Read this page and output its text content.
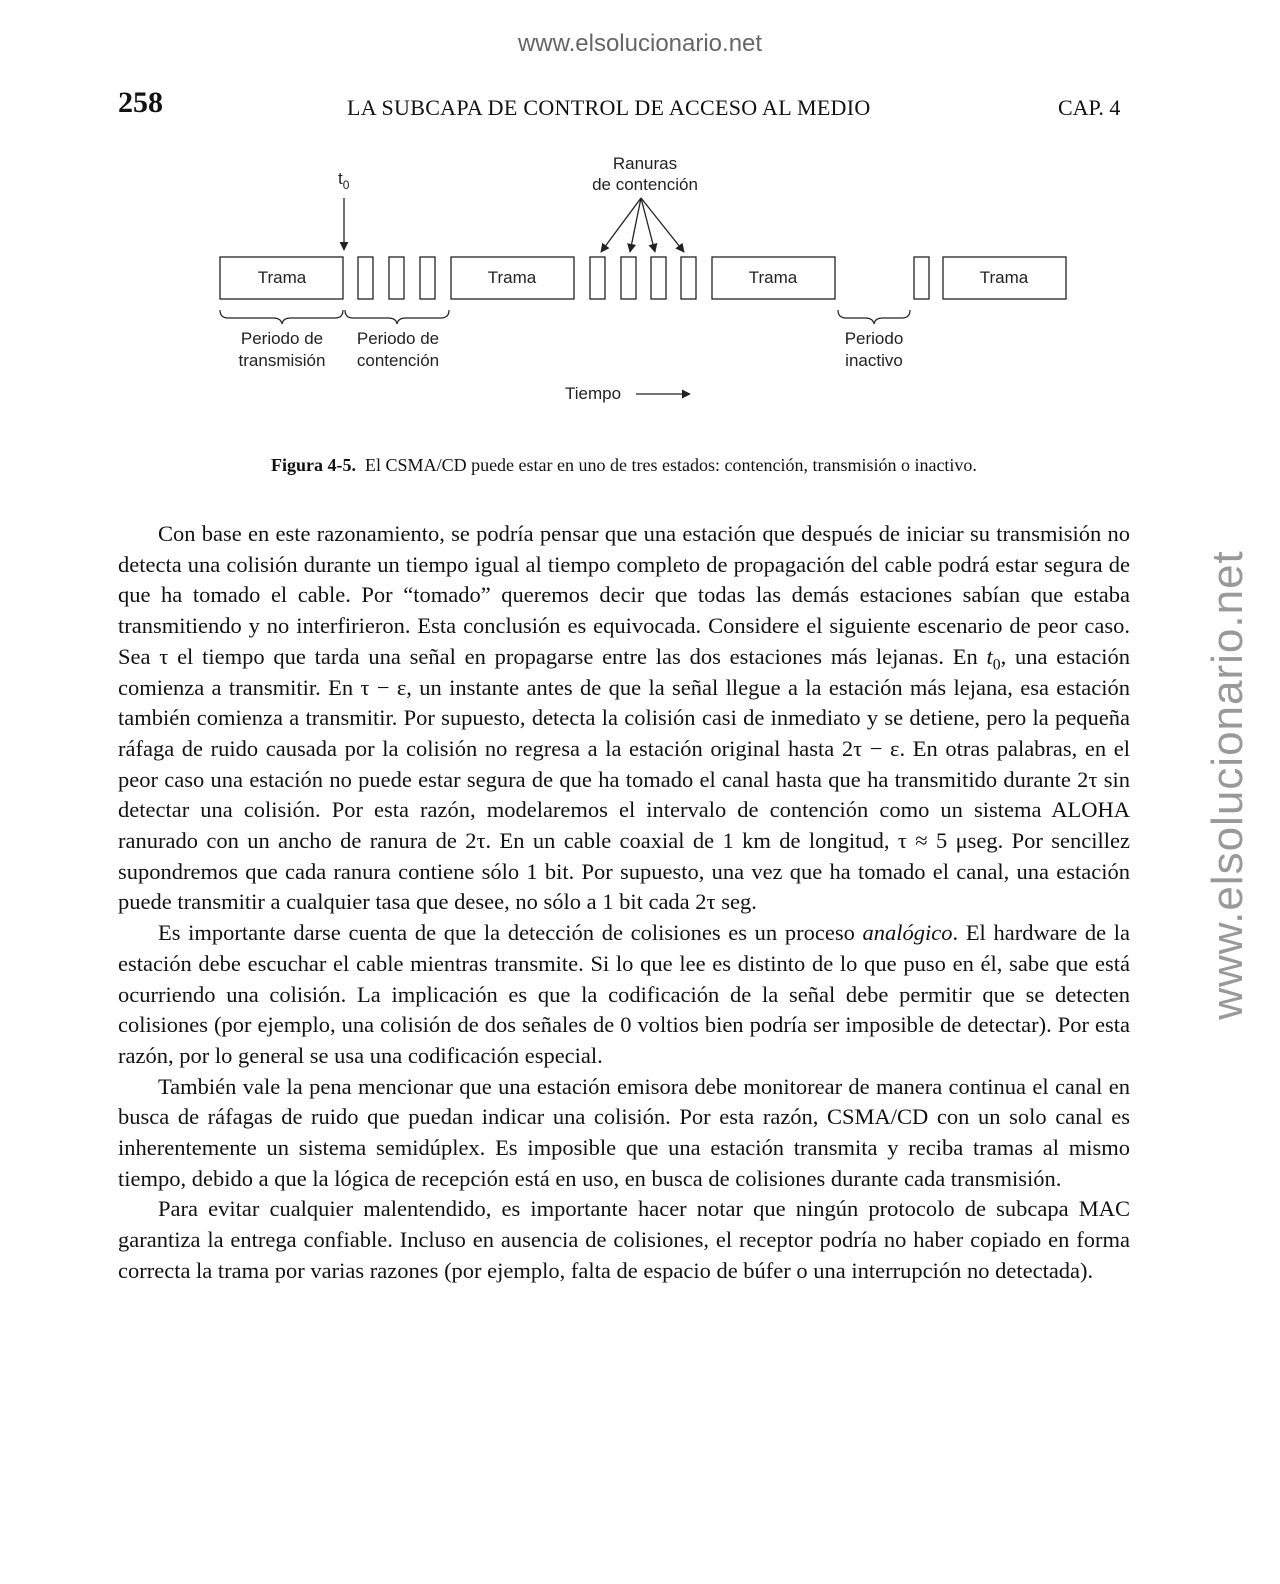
www.elsolucionario.net
www.elsolucionario.net
258	LA SUBCAPA DE CONTROL DE ACCESO AL MEDIO	CAP. 4
$t_0$
Ranuras
de contención
Trama	Trama	Trama	Trama
Periodo de
transmisión
Periodo de
contención
Periodo
inactivo
Tiempo
Figura 4-5. El CSMA/CD puede estar en uno de tres estados: contención, transmisión o inactivo.

Con base en este razonamiento, se podría pensar que una estación que después de iniciar su transmisión no detecta una colisión durante un tiempo igual al tiempo completo de propagación del cable podrá estar segura de que ha tomado el cable. Por “tomado” queremos decir que todas las demás estaciones sabían que estaba transmitiendo y no interfirieron. Esta conclusión es equivocada. Considere el siguiente escenario de peor caso. Sea τ el tiempo que tarda una señal en propagarse entre las dos estaciones más lejanas. En $t_0$, una estación comienza a transmitir. En τ − ε, un instante antes de que la señal llegue a la estación más lejana, esa estación también comienza a transmitir. Por supuesto, detecta la colisión casi de inmediato y se detiene, pero la pequeña ráfaga de ruido causada por la colisión no regresa a la estación original hasta 2τ − ε. En otras palabras, en el peor caso una estación no puede estar segura de que ha tomado el canal hasta que ha transmitido durante 2τ sin detectar una colisión. Por esta razón, modelaremos el intervalo de contención como un sistema ALOHA ranurado con un ancho de ranura de 2τ. En un cable coaxial de 1 km de longitud, τ ≈ 5 μseg. Por sencillez supondremos que cada ranura contiene sólo 1 bit. Por supuesto, una vez que ha tomado el canal, una estación puede transmitir a cualquier tasa que desee, no sólo a 1 bit cada 2τ seg.

Es importante darse cuenta de que la detección de colisiones es un proceso analógico. El hardware de la estación debe escuchar el cable mientras transmite. Si lo que lee es distinto de lo que puso en él, sabe que está ocurriendo una colisión. La implicación es que la codificación de la señal debe permitir que se detecten colisiones (por ejemplo, una colisión de dos señales de 0 voltios bien podría ser imposible de detectar). Por esta razón, por lo general se usa una codificación especial.

También vale la pena mencionar que una estación emisora debe monitorear de manera continua el canal en busca de ráfagas de ruido que puedan indicar una colisión. Por esta razón, CSMA/CD con un solo canal es inherentemente un sistema semidúplex. Es imposible que una estación transmita y reciba tramas al mismo tiempo, debido a que la lógica de recepción está en uso, en busca de colisiones durante cada transmisión.

Para evitar cualquier malentendido, es importante hacer notar que ningún protocolo de subcapa MAC garantiza la entrega confiable. Incluso en ausencia de colisiones, el receptor podría no haber copiado en forma correcta la trama por varias razones (por ejemplo, falta de espacio de búfer o una interrupción no detectada).
